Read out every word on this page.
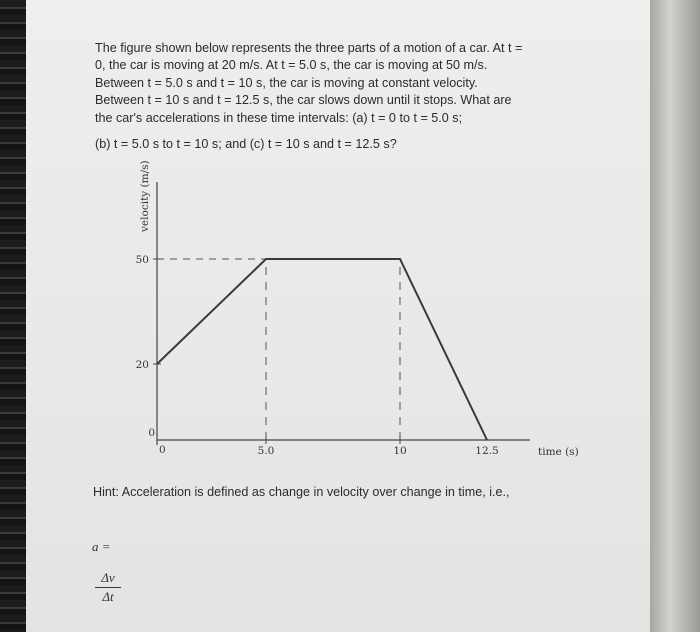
The figure shown below represents the three parts of a motion of a car. At t =

0, the car is moving at 20 m/s. At t = 5.0 s, the car is moving at 50 m/s.

Between t = 5.0 s and t = 10 s, the car is moving at constant velocity.

Between t = 10 s and t = 12.5 s, the car slows down until it stops. What are

the car's accelerations in these time intervals: (a) t = 0 to t = 5.0 s;

(b) t = 5.0 s to t = 10 s; and (c) t = 10 s and t = 12.5 s?

velocity (m/s)
time (s)
50
20
0
0	5.0	10	12.5
Hint: Acceleration is defined as change in velocity over change in time, i.e.,
a =
$\frac{\Delta v}{\Delta t}$
